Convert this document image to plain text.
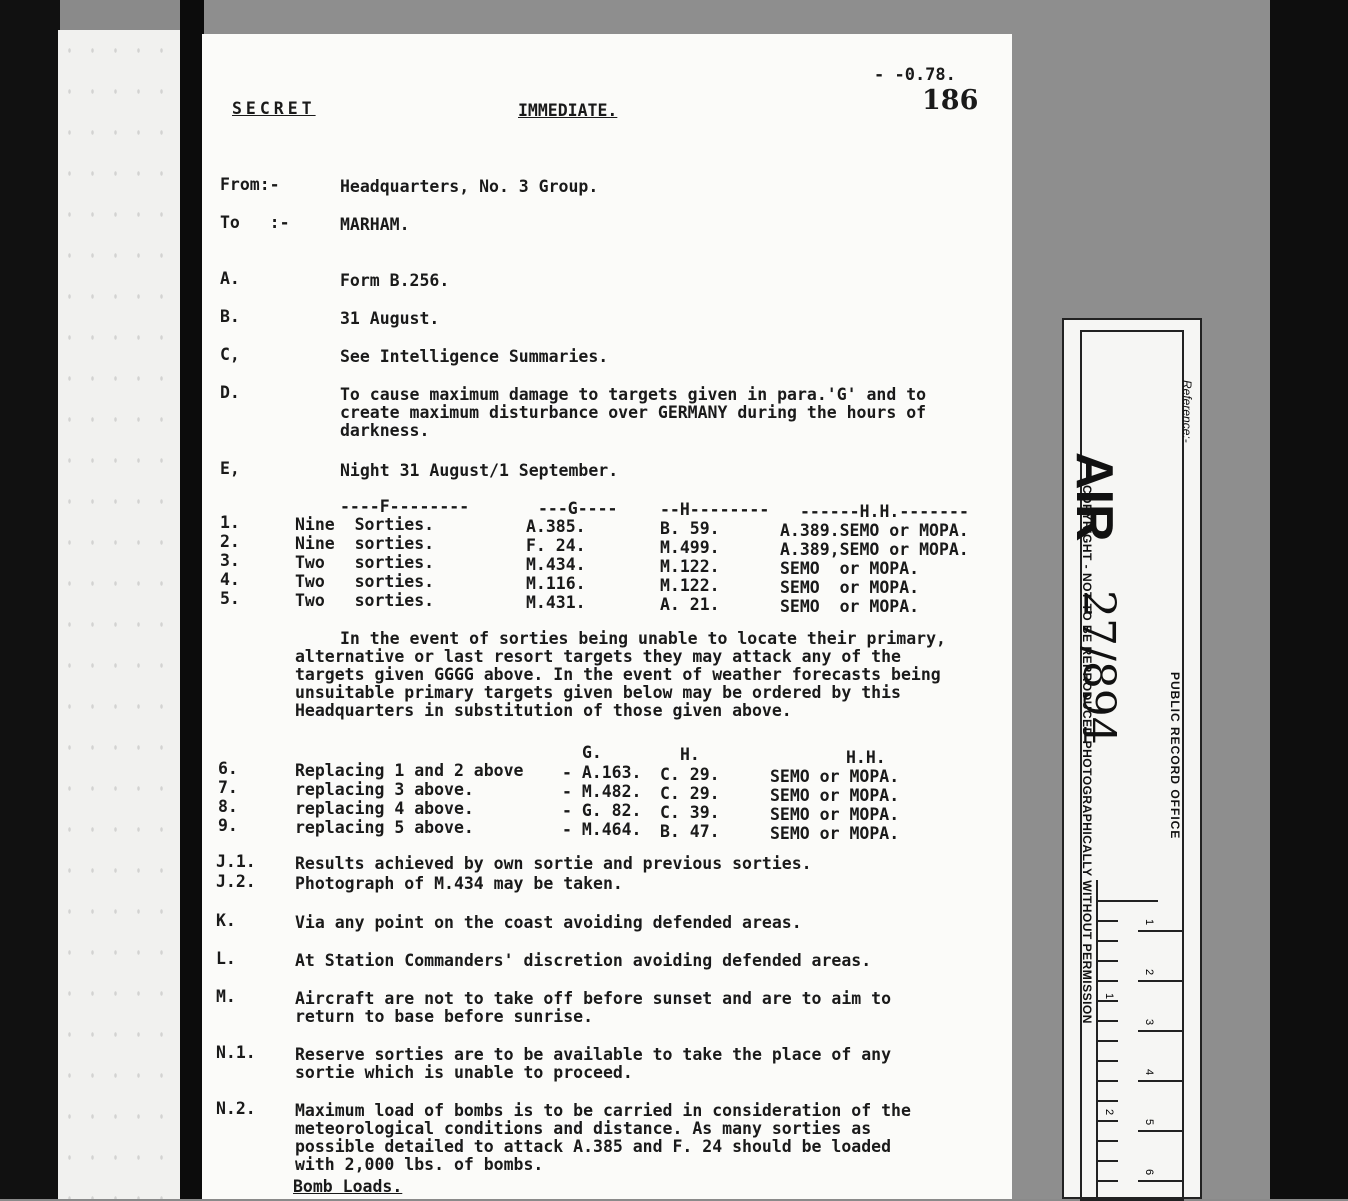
SECRET	IMMEDIATE.
- -0.78.
186
From:-	Headquarters, No. 3 Group.
To   :-	MARHAM.
A.	Form B.256.
B.	31 August.
C,	See Intelligence Summaries.
D.	To cause maximum damage to targets given in para.'G' and to create maximum disturbance over GERMANY during the hours of darkness.
E,	Night 31 August/1 September.
----F--------	---G----	--H-------- ------H.H.-------
1.	Nine  Sorties.	A.385.	B. 59.	A.389.SEMO or MOPA.
2.	Nine  sorties.	F. 24.	M.499.	A.389,SEMO or MOPA.
3.	Two   sorties.	M.434.	M.122.	SEMO  or MOPA.
4.	Two   sorties.	M.116.	M.122.	SEMO  or MOPA.
5.	Two   sorties.	M.431.	A. 21.	SEMO  or MOPA.
In the event of sorties being unable to locate their primary, alternative or last resort targets they may attack any of the targets given GGGG above. In the event of weather forecasts being unsuitable primary targets given below may be ordered by this Headquarters in substitution of those given above.
G.	H.	H.H.
6.	Replacing 1 and 2 above - A.163. C. 29.	SEMO or MOPA.
7.	replacing 3 above.	- M.482. C. 29.	SEMO or MOPA.
8.	replacing 4 above.	- G. 82. C. 39.	SEMO or MOPA.
9.	replacing 5 above.	- M.464. B. 47.	SEMO or MOPA.
J.1. Results achieved by own sortie and previous sorties.
J.2. Photograph of M.434 may be taken.
K.	Via any point on the coast avoiding defended areas.
L.	At Station Commanders' discretion avoiding defended areas.
M.	Aircraft are not to take off before sunset and are to aim to return to base before sunrise.
N.1. Reserve sorties are to be available to take the place of any sortie which is unable to proceed.
N.2. Maximum load of bombs is to be carried in consideration of the meteorological conditions and distance. As many sorties as possible detailed to attack A.385 and F. 24 should be loaded with 2,000 lbs. of bombs.
Bomb Loads.
Reference:-
AIR
27/894
COPYRIGHT - NOT TO BE REPRODUCED PHOTOGRAPHICALLY WITHOUT PERMISSION	PUBLIC RECORD OFFICE
1
2
3
4
5
6
1
2
